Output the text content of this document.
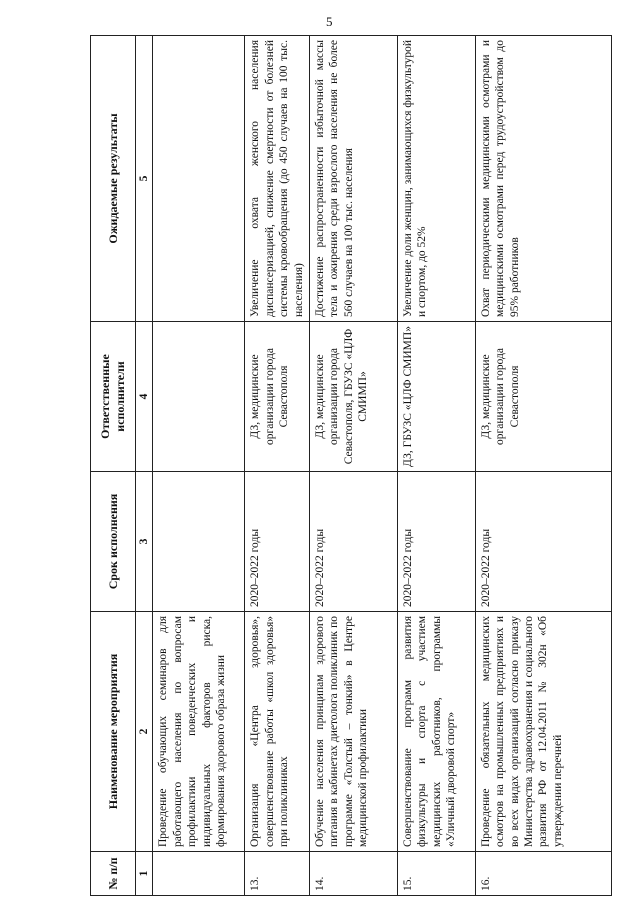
5
№ п/п	Наименование мероприятия	Срок исполнения	Ответственные исполнители	Ожидаемые результаты
1	2	3	4	5
	Проведение обучающих семинаров для работающего населения по вопросам профилактики поведенческих и индивидуальных факторов риска, формирования здорового образа жизни			
13.	Организация «Центра здоровья», совершенствование работы «школ здоровья» при поликлиниках	2020–2022 годы	ДЗ, медицинские организации города Севастополя	Увеличение охвата женского населения диспансеризацией, снижение смертности от болезней системы кровообращения (до 450 случаев на 100 тыс. населения)
14.	Обучение населения принципам здорового питания в кабинетах диетолога поликлиник по программе «Толстый – тонкий» в Центре медицинской профилактики	2020–2022 годы	ДЗ, медицинские организации города Севастополя, ГБУЗС «ЦЛФ СМИМП»	Достижение распространенности избыточной массы тела и ожирения среди взрослого населения не более 560 случаев на 100 тыс. населения
15.	Совершенствование программ развития физкультуры и спорта с участием медицинских работников, программы «Уличный дворовой спорт»	2020–2022 годы	ДЗ, ГБУЗС «ЦЛФ СМИМП»	Увеличение доли женщин, занимающихся физкультурой и спортом, до 52%
16.	Проведение обязательных медицинских осмотров на промышленных предприятиях и во всех видах организаций согласно приказу Министерства здравоохранения и социального развития РФ от 12.04.2011 № 302н «Об утверждении перечней	2020–2022 годы	ДЗ, медицинские организации города Севастополя	Охват периодическими медицинскими осмотрами и медицинскими осмотрами перед трудоустройством до 95% работников
